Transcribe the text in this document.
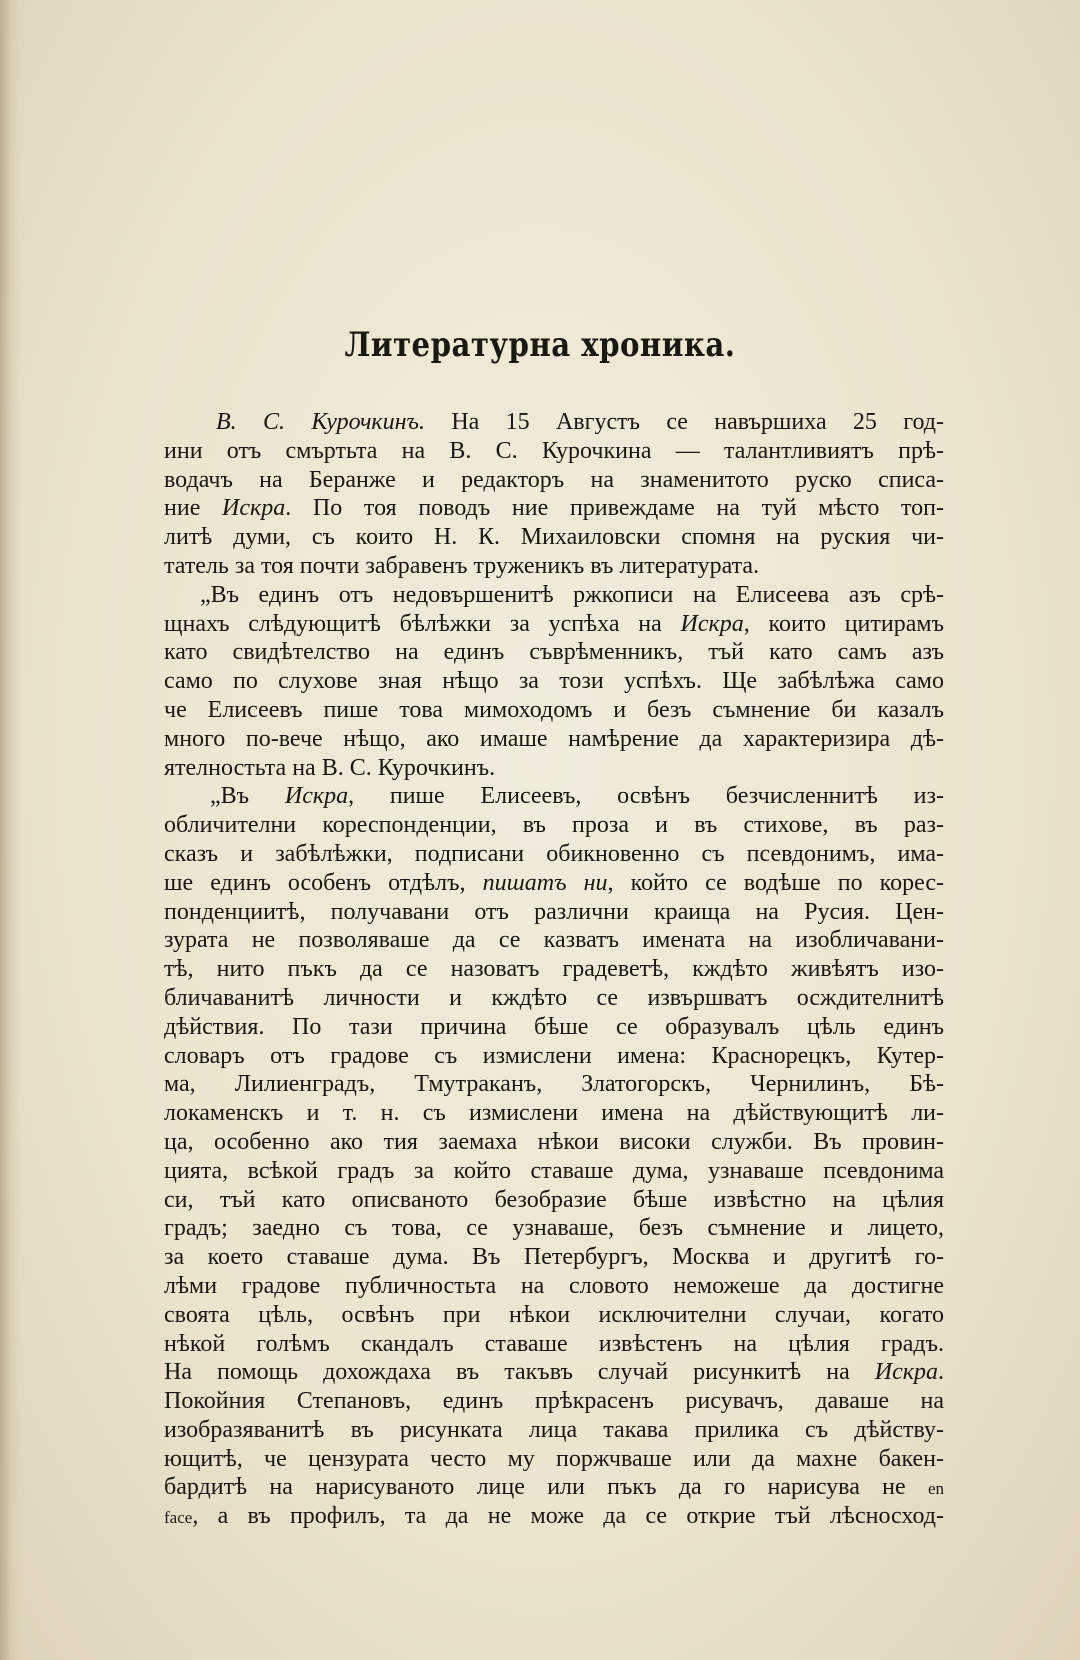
Литературна хроника.
В. С. Курочкинъ. На 15 Августъ се навършиха 25 год-
ини отъ смъртьта на В. С. Курочкина — талантливиятъ прѣ-
водачъ на Беранже и редакторъ на знаменитото руско списа-
ние Искра. По тоя поводъ ние привеждаме на туй мѣсто топ-
литѣ думи, съ които Н. К. Михаиловски спомня на руския чи-
татель за тоя почти забравенъ труженикъ въ литературата.
„Въ единъ отъ недовършенитѣ ржкописи на Елисеева азъ срѣ-
щнахъ слѣдующитѣ бѣлѣжки за успѣха на Искра, които цитирамъ
като свидѣтелство на единъ съврѣменникъ, тъй като самъ азъ
само по слухове зная нѣщо за този успѣхъ. Ще забѣлѣжа само
че Елисеевъ пише това мимоходомъ и безъ съмнение би казалъ
много по-вече нѣщо, ако имаше намѣрение да характеризира дѣ-
ятелностьта на В. С. Курочкинъ.
„Въ Искра, пише Елисеевъ, освѣнъ безчисленнитѣ из-
обличителни кореспонденции, въ проза и въ стихове, въ раз-
сказъ и забѣлѣжки, подписани обикновенно съ псевдонимъ, има-
ше единъ особенъ отдѣлъ, пишатъ ни, който се водѣше по корес-
понденциитѣ, получавани отъ различни краища на Русия. Цен-
зурата не позволяваше да се казватъ имената на изобличавани-
тѣ, нито пъкъ да се назоватъ градеветѣ, кждѣто живѣятъ изо-
бличаванитѣ личности и кждѣто се извършватъ осждителнитѣ
дѣйствия. По тази причина бѣше се образувалъ цѣль единъ
словаръ отъ градове съ измислени имена: Краснорецкъ, Кутер-
ма, Лилиенградъ, Тмутраканъ, Златогорскъ, Чернилинъ, Бѣ-
локаменскъ и т. н. съ измислени имена на дѣйствующитѣ ли-
ца, особенно ако тия заемаха нѣкои високи служби. Въ провин-
цията, всѣкой градъ за който ставаше дума, узнаваше псевдонима
си, тъй като описваното безобразие бѣше извѣстно на цѣлия
градъ; заедно съ това, се узнаваше, безъ съмнение и лицето,
за което ставаше дума. Въ Петербургъ, Москва и другитѣ го-
лѣми градове публичностьта на словото неможеше да достигне
своята цѣль, освѣнъ при нѣкои исключителни случаи, когато
нѣкой голѣмъ скандалъ ставаше извѣстенъ на цѣлия градъ.
На помощь дохождаха въ такъвъ случай рисункитѣ на Искра.
Покойния Степановъ, единъ прѣкрасенъ рисувачъ, даваше на
изобразяванитѣ въ рисунката лица такава прилика съ дѣйству-
ющитѣ, че цензурата често му поржчваше или да махне бакен-
бардитѣ на нарисуваното лице или пъкъ да го нарисува не en
face, а въ профилъ, та да не може да се открие тъй лѣсносход-
